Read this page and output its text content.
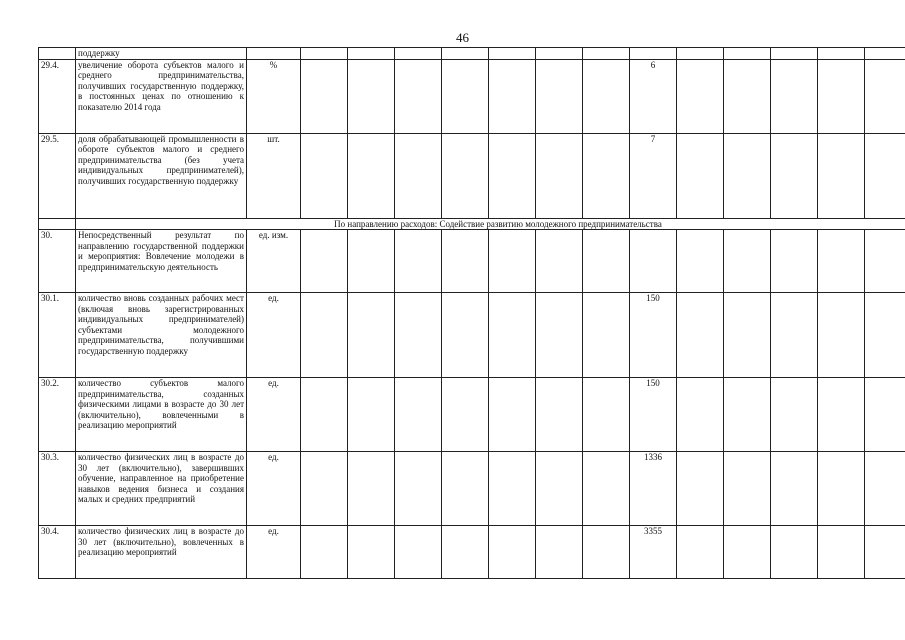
46
	поддержку														
29.4.	увеличение оборота субъектов малого и среднего предпринимательства, получивших государственную поддержку, в постоянных ценах по отношению к показателю 2014 года	%								6					
29.5.	доля обрабатывающей промышленности в обороте субъектов малого и среднего предпринимательства (без учета индивидуальных предпринимателей), получивших государственную поддержку	шт.								7					
	По направлению расходов: Содействие развитию молодежного предпринимательства														
30.	Непосредственный результат по направлению государственной поддержки и мероприятия: Вовлечение молодежи в предпринимательскую деятельность	ед. изм.													
30.1.	количество вновь созданных рабочих мест (включая вновь зарегистрированных индивидуальных предпринимателей) субъектами молодежного предпринимательства, получившими государственную поддержку	ед.								150					
30.2.	количество субъектов малого предпринимательства, созданных физическими лицами в возрасте до 30 лет (включительно), вовлеченными в реализацию мероприятий	ед.								150					
30.3.	количество физических лиц в возрасте до 30 лет (включительно), завершивших обучение, направленное на приобретение навыков ведения бизнеса и создания малых и средних предприятий	ед.								1336					
30.4.	количество физических лиц в возрасте до 30 лет (включительно), вовлеченных в реализацию мероприятий	ед.								3355					
